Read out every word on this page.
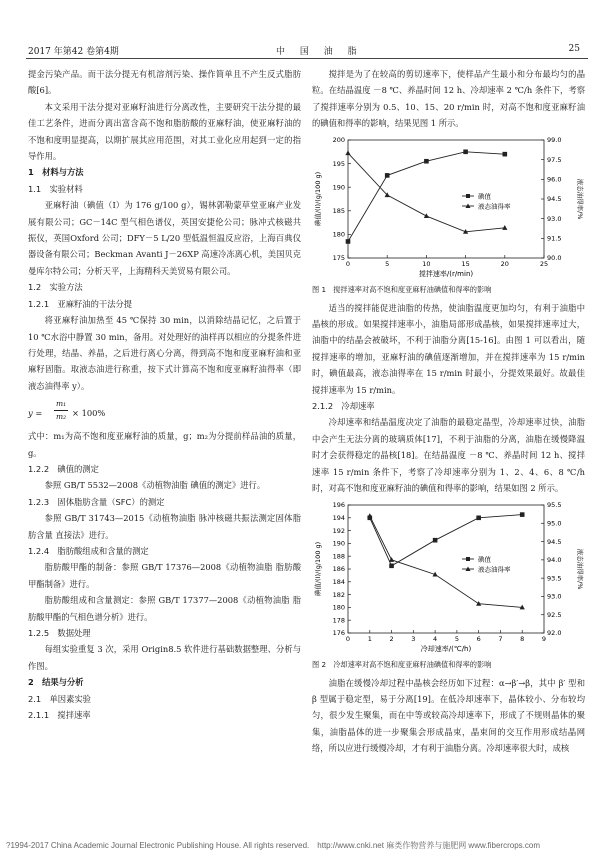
2017 年第42 卷第4期	中 国 油 脂	25

提金污染产品。而干法分提无有机溶剂污染、操作简单且不产生反式脂肪酸[6]。

本文采用干法分提对亚麻籽油进行分离改性，主要研究干法分提的最佳工艺条件，进而分离出富含高不饱和脂肪酸的亚麻籽油，使亚麻籽油的不饱和度明显提高，以期扩展其应用范围，对其工业化应用起到一定的指导作用。

1　材料与方法
1.1　实验材料

亚麻籽油（碘值（I）为 176 g/100 g），锡林郭勒蒙草堂亚麻产业发展有限公司；GC－14C 型气相色谱仪，英国安捷伦公司；脉冲式核磁共振仪，英国Oxford 公司；DFY－5 L/20 型低温恒温反应浴，上海百典仪器设备有限公司；Beckman Avanti J－26XP 高速冷冻离心机，美国贝克曼库尔特公司；分析天平，上海精科天美贸易有限公司。

1.2　实验方法
1.2.1　亚麻籽油的干法分提

将亚麻籽油加热至 45 ℃保持 30 min，以消除结晶记忆，之后置于 10 ℃水浴中静置 30 min，备用。对处理好的油样再以相应的分提条件进行处理，结晶、养晶，之后进行离心分离，得到高不饱和度亚麻籽油和亚麻籽固脂。取液态油进行称重，按下式计算高不饱和度亚麻籽油得率（即液态油得率 y）。

y =
m₁
m₂ × 100%

式中：m₁为高不饱和度亚麻籽油的质量，g；m₂为分提前样品油的质量，g。

1.2.2　碘值的测定

参照 GB/T 5532—2008《动植物油脂 碘值的测定》进行。

1.2.3　固体脂肪含量（SFC）的测定

参照 GB/T 31743—2015《动植物油脂 脉冲核磁共振法测定固体脂肪含量 直接法》进行。

1.2.4　脂肪酸组成和含量的测定

脂肪酸甲酯的制备：参照 GB/T 17376—2008《动植物油脂 脂肪酸甲酯制备》进行。

脂肪酸组成和含量测定：参照 GB/T 17377—2008《动植物油脂 脂肪酸甲酯的气相色谱分析》进行。

1.2.5　数据处理

每组实验重复 3 次，采用 Origin8.5 软件进行基础数据整理、分析与作图。

2　结果与分析
2.1　单因素实验
2.1.1　搅拌速率

搅拌是为了在较高的剪切速率下，使样品产生最小和分布最均匀的晶粒。在结晶温度 －8 ℃、养晶时间 12 h、冷却速率 2 ℃/h 条件下，考察了搅拌速率分别为 0.5、10、15、20 r/min 时，对高不饱和度亚麻籽油的碘值和得率的影响，结果见图 1 所示。

0	5	10	15	20	25
175
180
185
190
195
200
90.0
91.5
93.0
94.5
96.0
97.5
99.0
搅拌速率/(r/min)
碘值/(I)/(g/100 g)	液态油得率/%
碘值
液态油得率
图 1　搅拌速率对高不饱和度亚麻籽油碘值和得率的影响

适当的搅拌能促进油脂的传热，使油脂温度更加均匀，有利于油脂中晶核的形成。如果搅拌速率小，油脂局部形成晶核，如果搅拌速率过大，油脂中的结晶会被破坏，不利于油脂分离[15-16]。由图 1 可以看出，随搅拌速率的增加，亚麻籽油的碘值逐渐增加，并在搅拌速率为 15 r/min 时，碘值最高，液态油得率在 15 r/min 时最小，分提效果最好。故最佳搅拌速率为 15 r/min。

2.1.2　冷却速率

冷却速率和结晶温度决定了油脂的最稳定晶型，冷却速率过快，油脂中会产生无法分离的玻璃质体[17]，不利于油脂的分离，油脂在缓慢降温时才会获得稳定的晶核[18]。在结晶温度 －8 ℃、养晶时间 12 h、搅拌速率 15 r/min 条件下，考察了冷却速率分别为 1、2、4、6、8 ℃/h 时，对高不饱和度亚麻籽油的碘值和得率的影响，结果如图 2 所示。

0	1	2	3	4	5	6	7	8	9
176
178
180
182
184
186
188
190
192
194
196
92.0
92.5
93.0
93.5
94.0
94.5
95.0
95.5
冷却速率/(℃/h)
碘值/(I)/(g/100 g)	液态油得率/%
碘值
液态油得率
图 2　冷却速率对高不饱和度亚麻籽油碘值和得率的影响

油脂在缓慢冷却过程中晶核会经历如下过程：α→β′→β，其中 β′ 型和 β 型属于稳定型，易于分离[19]。在低冷却速率下，晶体较小、分布较均匀，很少发生聚集，而在中等或较高冷却速率下，形成了不规则晶体的聚集，油脂晶体的进一步聚集会形成晶束，晶束间的交互作用形成结晶网络，所以应进行缓慢冷却，才有利于油脂分离。冷却速率很大时，成核

?1994-2017 China Academic Journal Electronic Publishing House. All rights reserved.　http://www.cnki.net 麻类作物营养与施肥网 www.fibercrops.com
